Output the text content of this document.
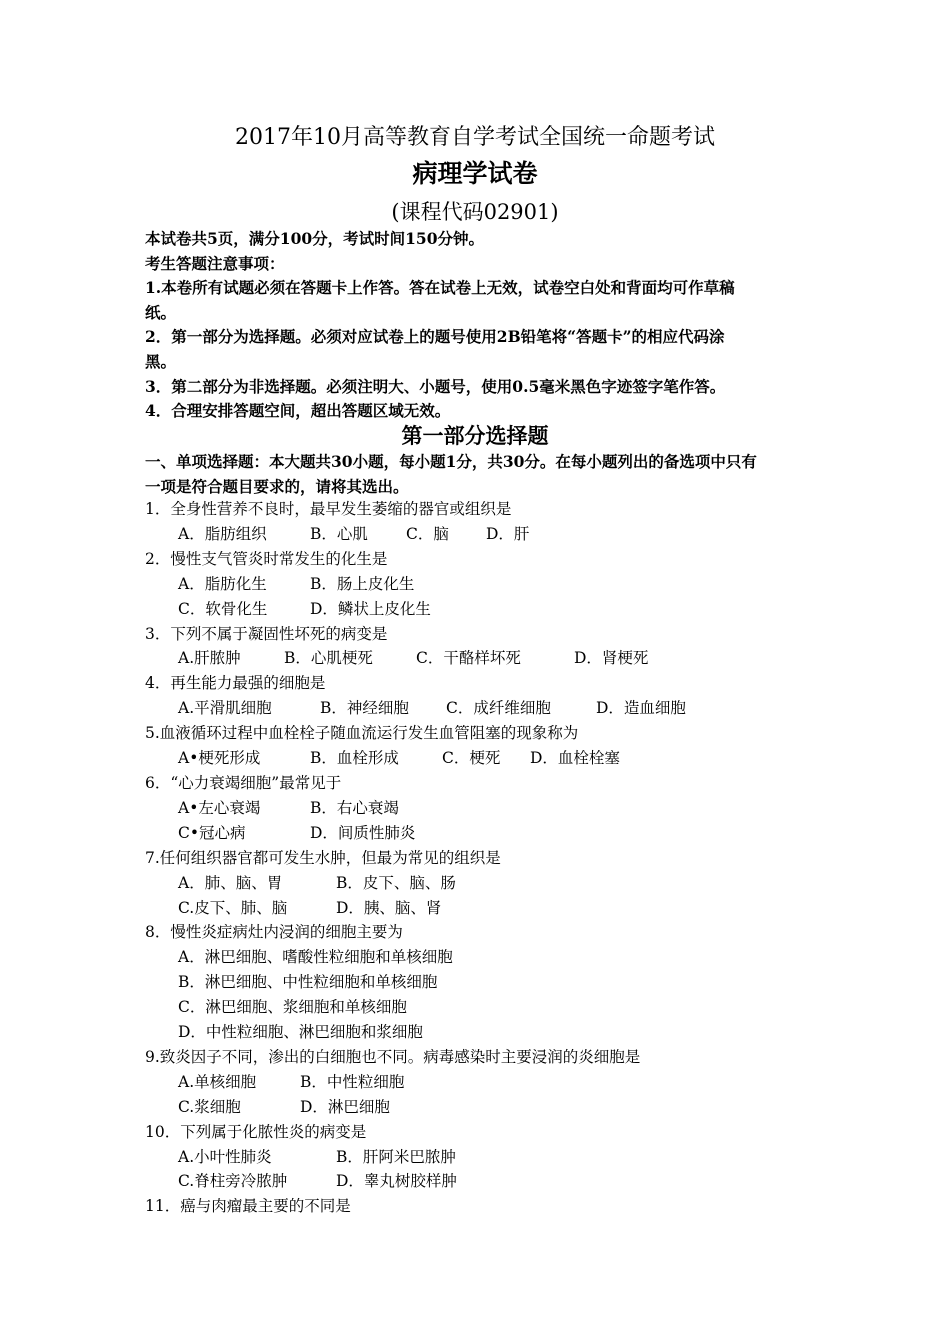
2017年10月高等教育自学考试全国统一命题考试
病理学试卷
(课程代码02901)
本试卷共5页，满分100分，考试时间150分钟。
考生答题注意事项：
1.本卷所有试题必须在答题卡上作答。答在试卷上无效，试卷空白处和背面均可作草稿
纸。
2．第一部分为选择题。必须对应试卷上的题号使用2B铅笔将“答题卡”的相应代码涂
黑。
3．第二部分为非选择题。必须注明大、小题号，使用0.5毫米黑色字迹签字笔作答。
4．合理安排答题空间，超出答题区域无效。
第一部分选择题
一、单项选择题：本大题共30小题，每小题1分，共30分。在每小题列出的备选项中只有
一项是符合题目要求的，请将其选出。
1．全身性营养不良时，最早发生萎缩的器官或组织是
A．脂肪组织	B．心肌 C．脑 D．肝
2．慢性支气管炎时常发生的化生是
A．脂肪化生	B．肠上皮化生
C．软骨化生	D．鳞状上皮化生
3．下列不属于凝固性坏死的病变是
A.肝脓肿	B．心肌梗死	C．干酪样坏死	D．肾梗死
4．再生能力最强的细胞是
A.平滑肌细胞	B．神经细胞 C．成纤维细胞	D．造血细胞
5.血液循环过程中血栓栓子随血流运行发生血管阻塞的现象称为
A•梗死形成	B．血栓形成	C．梗死 D．血栓栓塞
6．“心力衰竭细胞”最常见于
A•左心衰竭	B．右心衰竭
C•冠心病	D．间质性肺炎
7.任何组织器官都可发生水肿，但最为常见的组织是
A．肺、脑、胃	B．皮下、脑、肠
C.皮下、肺、脑	D．胰、脑、肾
8．慢性炎症病灶内浸润的细胞主要为
A．淋巴细胞、嗜酸性粒细胞和单核细胞
B．淋巴细胞、中性粒细胞和单核细胞
C．淋巴细胞、浆细胞和单核细胞
D．中性粒细胞、淋巴细胞和浆细胞
9.致炎因子不同，渗出的白细胞也不同。病毒感染时主要浸润的炎细胞是
A.单核细胞	B．中性粒细胞
C.浆细胞	D．淋巴细胞
10．下列属于化脓性炎的病变是
A.小叶性肺炎	B．肝阿米巴脓肿
C.脊柱旁冷脓肿	D．睾丸树胶样肿
11．癌与肉瘤最主要的不同是
